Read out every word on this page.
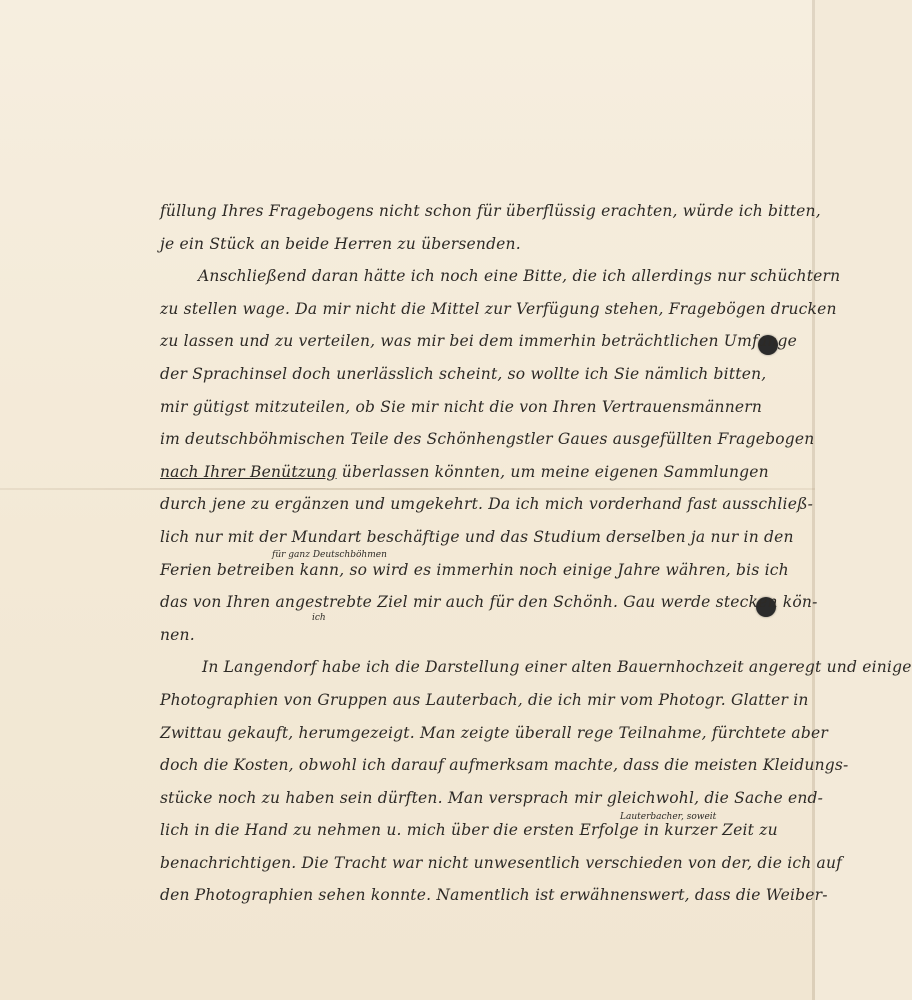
für ganz Deutschböhmen
ich
Lauterbacher, soweit
füllung Ihres Fragebogens nicht schon für überflüssig erachten, würde ich bitten,
je ein Stück an beide Herren zu übersenden.
Anschließend daran hätte ich noch eine Bitte, die ich allerdings nur schüchtern
zu stellen wage. Da mir nicht die Mittel zur Verfügung stehen, Fragebögen drucken
zu lassen und zu verteilen, was mir bei dem immerhin beträchtlichen Umfange
der Sprachinsel doch unerlässlich scheint, so wollte ich Sie nämlich bitten,
mir gütigst mitzuteilen, ob Sie mir nicht die von Ihren Vertrauensmännern
im deutschböhmischen Teile des Schönhengstler Gaues ausgefüllten Fragebogen
nach Ihrer Benützung überlassen könnten, um meine eigenen Sammlungen
durch jene zu ergänzen und umgekehrt. Da ich mich vorderhand fast ausschließ-
lich nur mit der Mundart beschäftige und das Studium derselben ja nur in den
Ferien betreiben kann, so wird es immerhin noch einige Jahre währen, bis ich
das von Ihren angestrebte Ziel mir auch für den Schönh. Gau werde stecken kön-
nen.
In Langendorf habe ich die Darstellung einer alten Bauernhochzeit angeregt und einige
Photographien von Gruppen aus Lauterbach, die ich mir vom Photogr. Glatter in
Zwittau gekauft, herumgezeigt. Man zeigte überall rege Teilnahme, fürchtete aber
doch die Kosten, obwohl ich darauf aufmerksam machte, dass die meisten Kleidungs-
stücke noch zu haben sein dürften. Man versprach mir gleichwohl, die Sache end-
lich in die Hand zu nehmen u. mich über die ersten Erfolge in kurzer Zeit zu
benachrichtigen. Die Tracht war nicht unwesentlich verschieden von der, die ich auf
den Photographien sehen konnte. Namentlich ist erwähnenswert, dass die Weiber-
